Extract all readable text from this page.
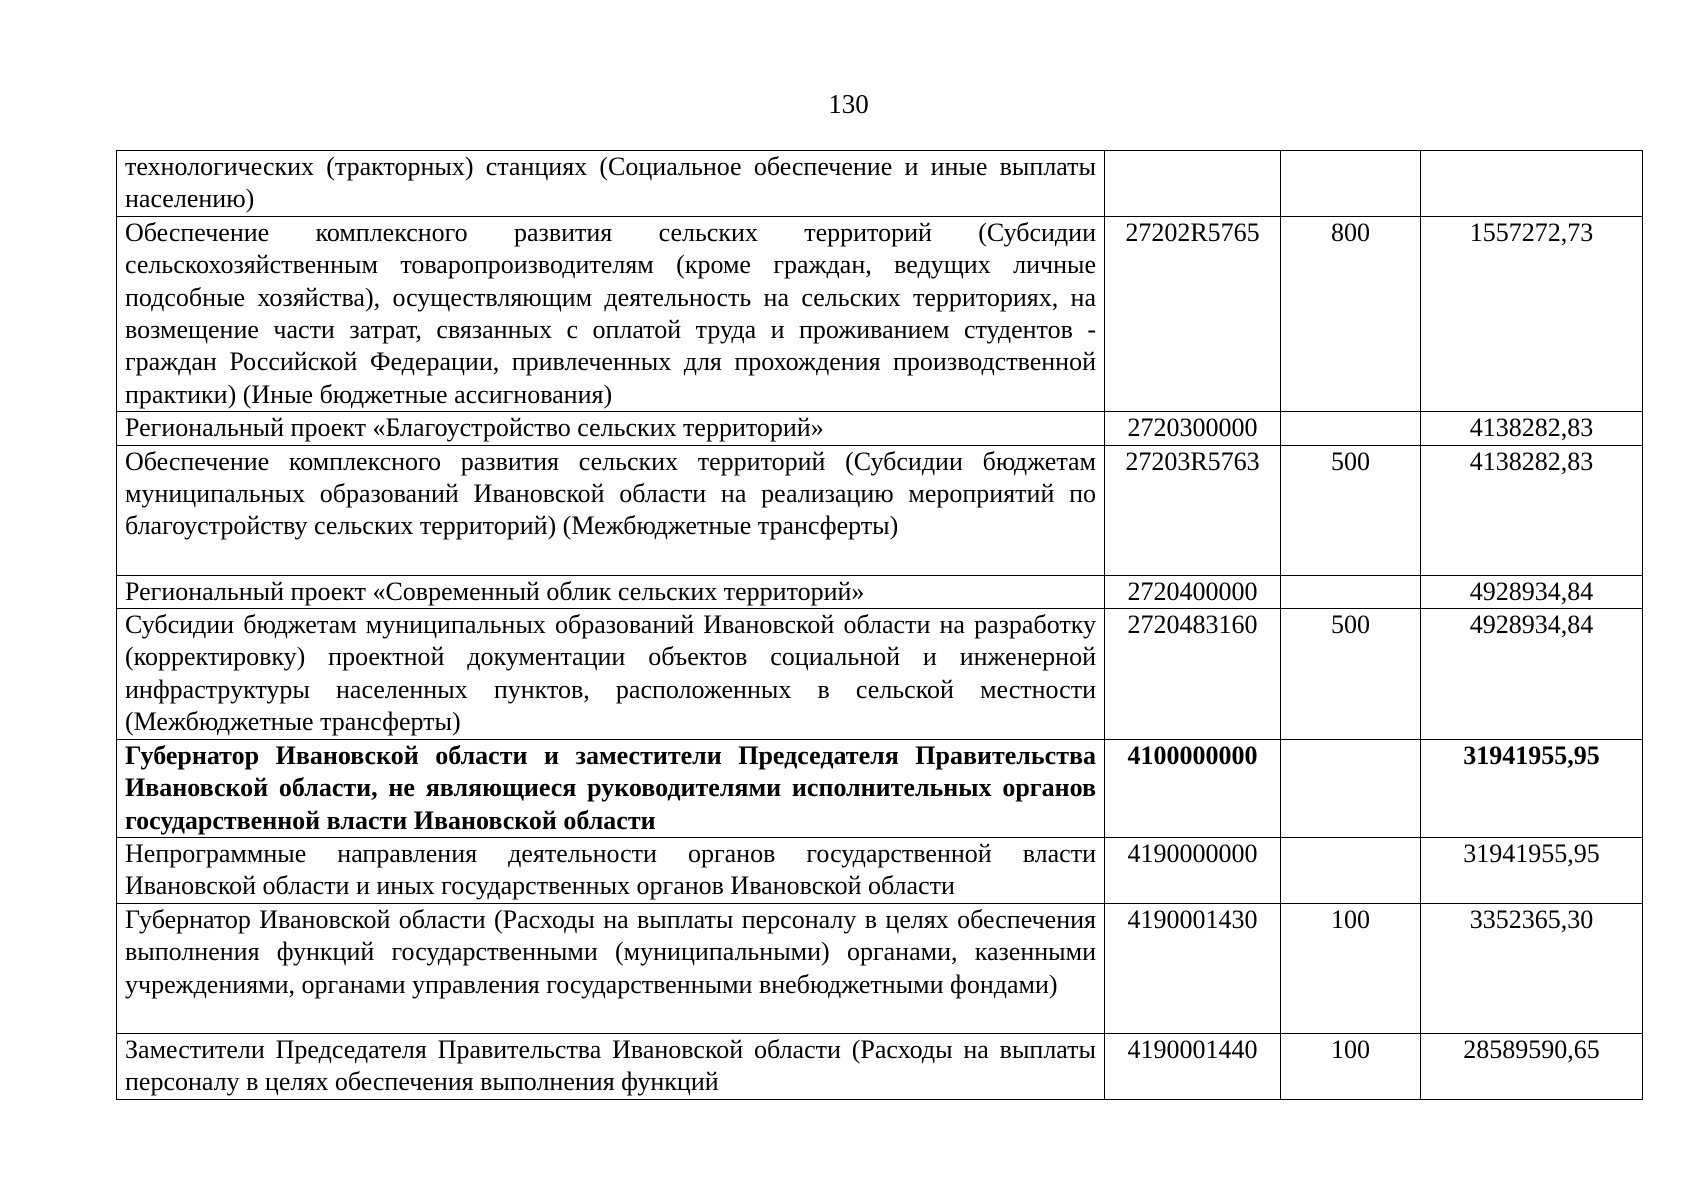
130
технологических (тракторных) станциях (Социальное обеспечение и иные выплаты населению)			
Обеспечение комплексного развития сельских территорий (Субсидии сельскохозяйственным товаропроизводителям (кроме граждан, ведущих личные подсобные хозяйства), осуществляющим деятельность на сельских территориях, на возмещение части затрат, связанных с оплатой труда и проживанием студентов - граждан Российской Федерации, привлеченных для прохождения производственной практики) (Иные бюджетные ассигнования)	27202R5765	800	1557272,73
Региональный проект «Благоустройство сельских территорий»	2720300000		4138282,83
Обеспечение комплексного развития сельских территорий (Субсидии бюджетам муниципальных образований Ивановской области на реализацию мероприятий по благоустройству сельских территорий) (Межбюджетные трансферты)	27203R5763	500	4138282,83
Региональный проект «Современный облик сельских территорий»	2720400000		4928934,84
Субсидии бюджетам муниципальных образований Ивановской области на разработку (корректировку) проектной документации объектов социальной и инженерной инфраструктуры населенных пунктов, расположенных в сельской местности (Межбюджетные трансферты)	2720483160	500	4928934,84
Губернатор Ивановской области и заместители Председателя Правительства Ивановской области, не являющиеся руководителями исполнительных органов государственной власти Ивановской области	4100000000		31941955,95
Непрограммные направления деятельности органов государственной власти Ивановской области и иных государственных органов Ивановской области	4190000000		31941955,95
Губернатор Ивановской области (Расходы на выплаты персоналу в целях обеспечения выполнения функций государственными (муниципальными) органами, казенными учреждениями, органами управления государственными внебюджетными фондами)	4190001430	100	3352365,30
Заместители Председателя Правительства Ивановской области (Расходы на выплаты персоналу в целях обеспечения выполнения функций	4190001440	100	28589590,65
